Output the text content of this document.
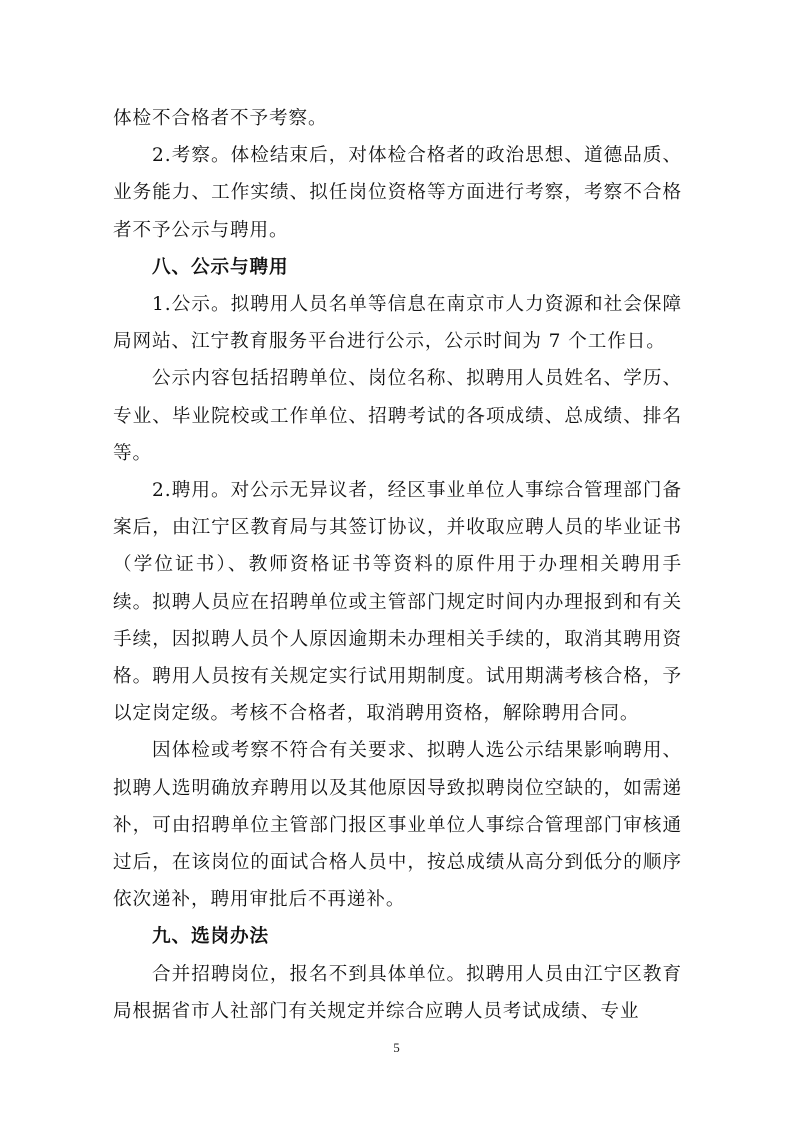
体检不合格者不予考察。

2.考察。体检结束后，对体检合格者的政治思想、道德品质、业务能力、工作实绩、拟任岗位资格等方面进行考察，考察不合格者不予公示与聘用。

八、公示与聘用

1.公示。拟聘用人员名单等信息在南京市人力资源和社会保障局网站、江宁教育服务平台进行公示，公示时间为 7 个工作日。

公示内容包括招聘单位、岗位名称、拟聘用人员姓名、学历、专业、毕业院校或工作单位、招聘考试的各项成绩、总成绩、排名等。

2.聘用。对公示无异议者，经区事业单位人事综合管理部门备案后，由江宁区教育局与其签订协议，并收取应聘人员的毕业证书（学位证书）、教师资格证书等资料的原件用于办理相关聘用手续。拟聘人员应在招聘单位或主管部门规定时间内办理报到和有关手续，因拟聘人员个人原因逾期未办理相关手续的，取消其聘用资格。聘用人员按有关规定实行试用期制度。试用期满考核合格，予以定岗定级。考核不合格者，取消聘用资格，解除聘用合同。

因体检或考察不符合有关要求、拟聘人选公示结果影响聘用、拟聘人选明确放弃聘用以及其他原因导致拟聘岗位空缺的，如需递补，可由招聘单位主管部门报区事业单位人事综合管理部门审核通过后，在该岗位的面试合格人员中，按总成绩从高分到低分的顺序依次递补，聘用审批后不再递补。

九、选岗办法

合并招聘岗位，报名不到具体单位。拟聘用人员由江宁区教育局根据省市人社部门有关规定并综合应聘人员考试成绩、专业

5
